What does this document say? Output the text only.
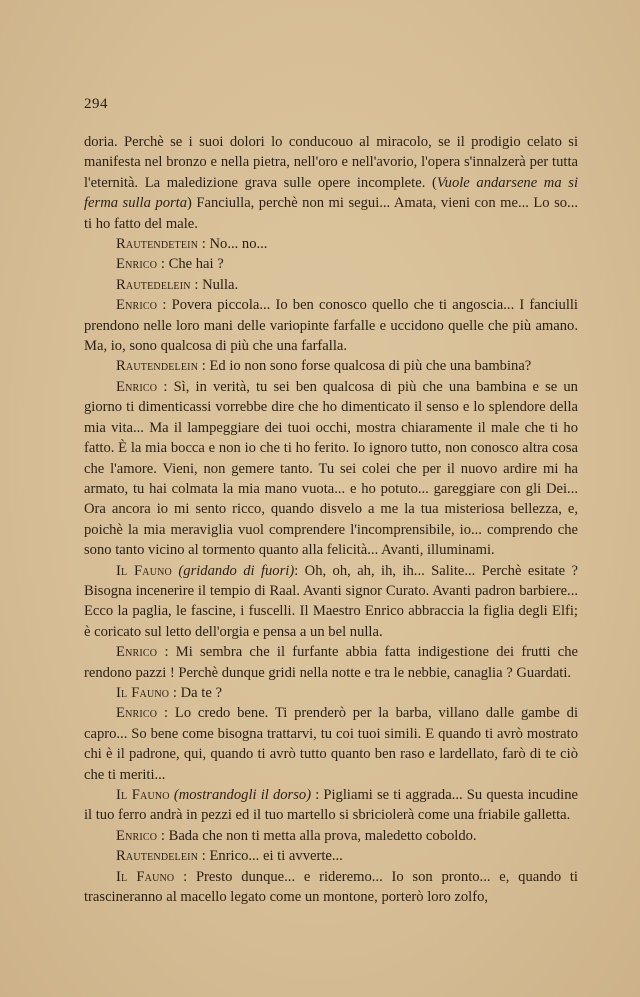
294

doria. Perchè se i suoi dolori lo conducouo al miracolo, se il prodigio celato si manifesta nel bronzo e nella pietra, nell'oro e nell'avorio, l'opera s'innalzerà per tutta l'eternità. La maledizione grava sulle opere incomplete. (Vuole andarsene ma si ferma sulla porta) Fanciulla, perchè non mi segui... Amata, vieni con me... Lo so... ti ho fatto del male.

Rautendetein : No... no...

Enrico : Che hai ?

Rautedelein : Nulla.

Enrico : Povera piccola... Io ben conosco quello che ti angoscia... I fanciulli prendono nelle loro mani delle variopinte farfalle e uccidono quelle che più amano. Ma, io, sono qualcosa di più che una farfalla.

Rautendelein : Ed io non sono forse qualcosa di più che una bambina?

Enrico : Sì, in verità, tu sei ben qualcosa di più che una bambina e se un giorno ti dimenticassi vorrebbe dire che ho dimenticato il senso e lo splendore della mia vita... Ma il lampeggiare dei tuoi occhi, mostra chiaramente il male che ti ho fatto. È la mia bocca e non io che ti ho ferito. Io ignoro tutto, non conosco altra cosa che l'amore. Vieni, non gemere tanto. Tu sei colei che per il nuovo ardire mi ha armato, tu hai colmata la mia mano vuota... e ho potuto... gareggiare con gli Dei... Ora ancora io mi sento ricco, quando disvelo a me la tua misteriosa bellezza, e, poichè la mia meraviglia vuol comprendere l'incomprensibile, io... comprendo che sono tanto vicino al tormento quanto alla felicità... Avanti, illuminami.

Il Fauno (gridando di fuori): Oh, oh, ah, ih, ih... Salite... Perchè esitate ? Bisogna incenerire il tempio di Raal. Avanti signor Curato. Avanti padron barbiere... Ecco la paglia, le fascine, i fuscelli. Il Maestro Enrico abbraccia la figlia degli Elfi; è coricato sul letto dell'orgia e pensa a un bel nulla.

Enrico : Mi sembra che il furfante abbia fatta indigestione dei frutti che rendono pazzi ! Perchè dunque gridi nella notte e tra le nebbie, canaglia ? Guardati.

Il Fauno : Da te ?

Enrico : Lo credo bene. Ti prenderò per la barba, villano dalle gambe di capro... So bene come bisogna trattarvi, tu coi tuoi simili. E quando ti avrò mostrato chi è il padrone, qui, quando ti avrò tutto quanto ben raso e lardellato, farò di te ciò che ti meriti...

Il Fauno (mostrandogli il dorso) : Pigliami se ti aggrada... Su questa incudine il tuo ferro andrà in pezzi ed il tuo martello si sbriciolerà come una friabile galletta.

Enrico : Bada che non ti metta alla prova, maledetto coboldo.

Rautendelein : Enrico... ei ti avverte...

Il Fauno : Presto dunque... e rideremo... Io son pronto... e, quando ti trascineranno al macello legato come un montone, porterò loro zolfo,
